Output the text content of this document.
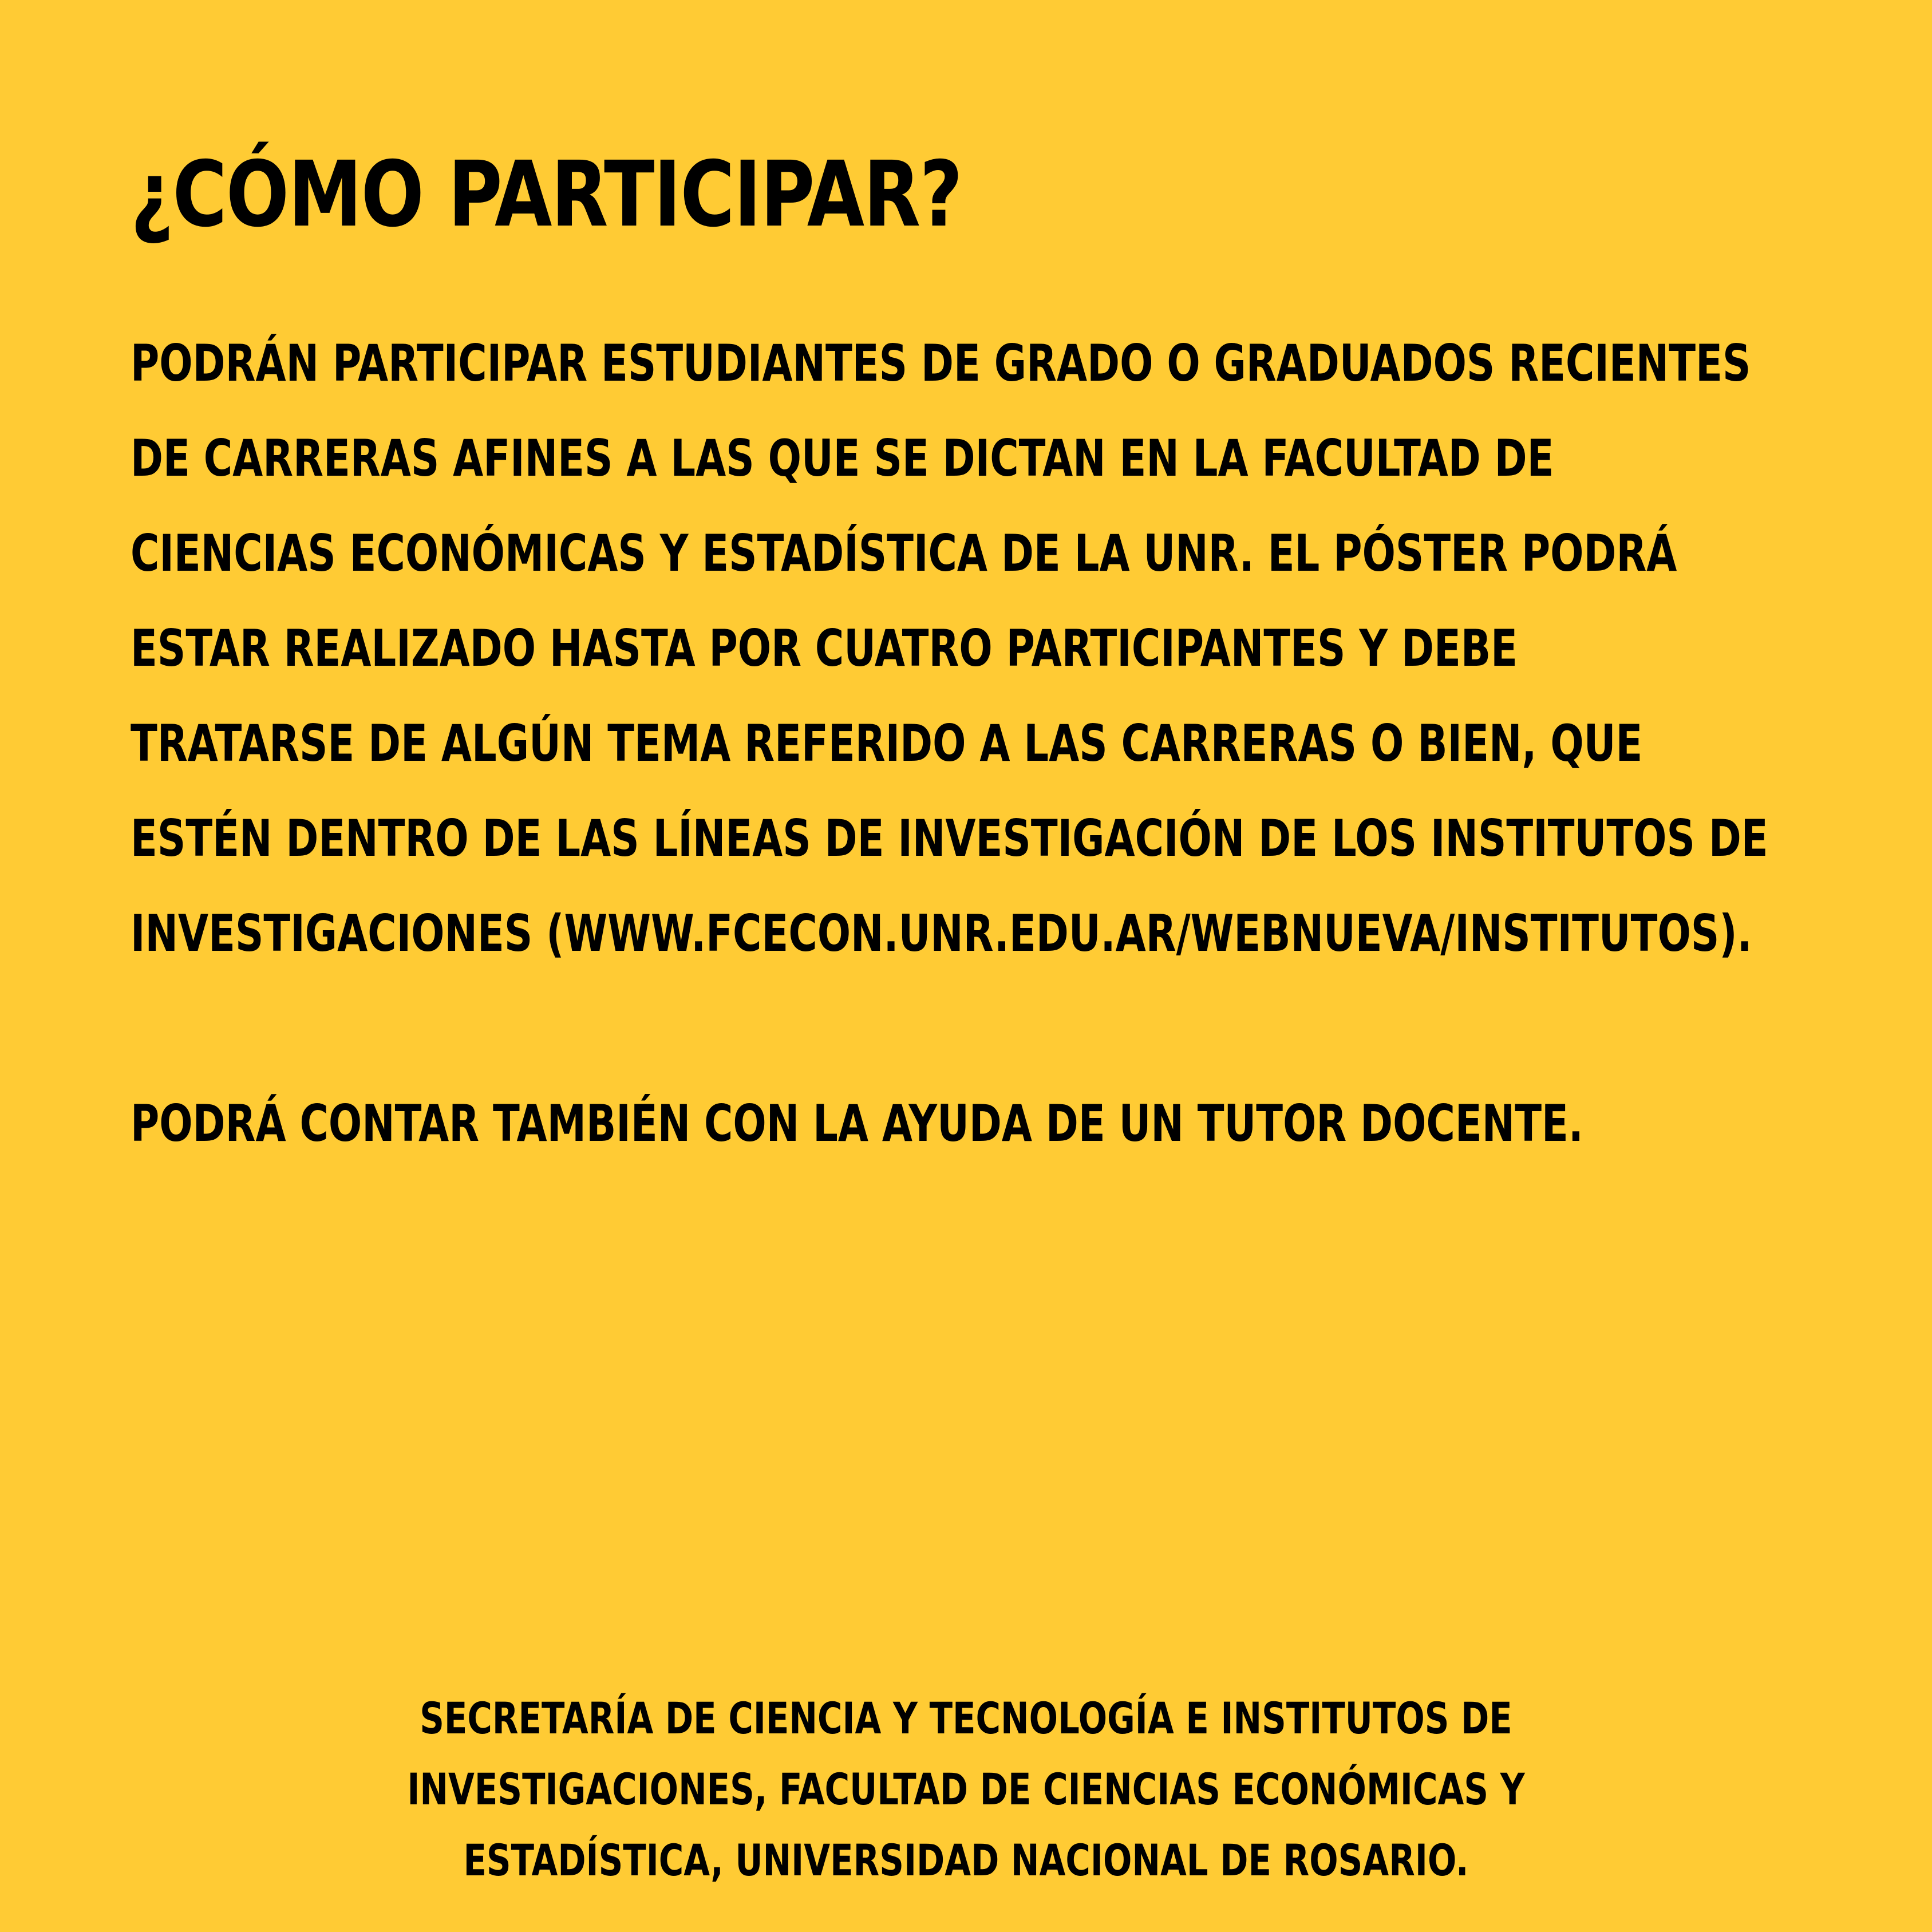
¿CÓMO PARTICIPAR?
PODRÁN PARTICIPAR ESTUDIANTES DE GRADO O GRADUADOS RECIENTES
DE CARRERAS AFINES A LAS QUE SE DICTAN EN LA FACULTAD DE
CIENCIAS ECONÓMICAS Y ESTADÍSTICA DE LA UNR. EL PÓSTER PODRÁ
ESTAR REALIZADO HASTA POR CUATRO PARTICIPANTES Y DEBE
TRATARSE DE ALGÚN TEMA REFERIDO A LAS CARRERAS O BIEN, QUE
ESTÉN DENTRO DE LAS LÍNEAS DE INVESTIGACIÓN DE LOS INSTITUTOS DE
INVESTIGACIONES (WWW.FCECON.UNR.EDU.AR/WEBNUEVA/INSTITUTOS).
PODRÁ CONTAR TAMBIÉN CON LA AYUDA DE UN TUTOR DOCENTE.
SECRETARÍA DE CIENCIA Y TECNOLOGÍA E INSTITUTOS DE
INVESTIGACIONES, FACULTAD DE CIENCIAS ECONÓMICAS Y
ESTADÍSTICA, UNIVERSIDAD NACIONAL DE ROSARIO.
